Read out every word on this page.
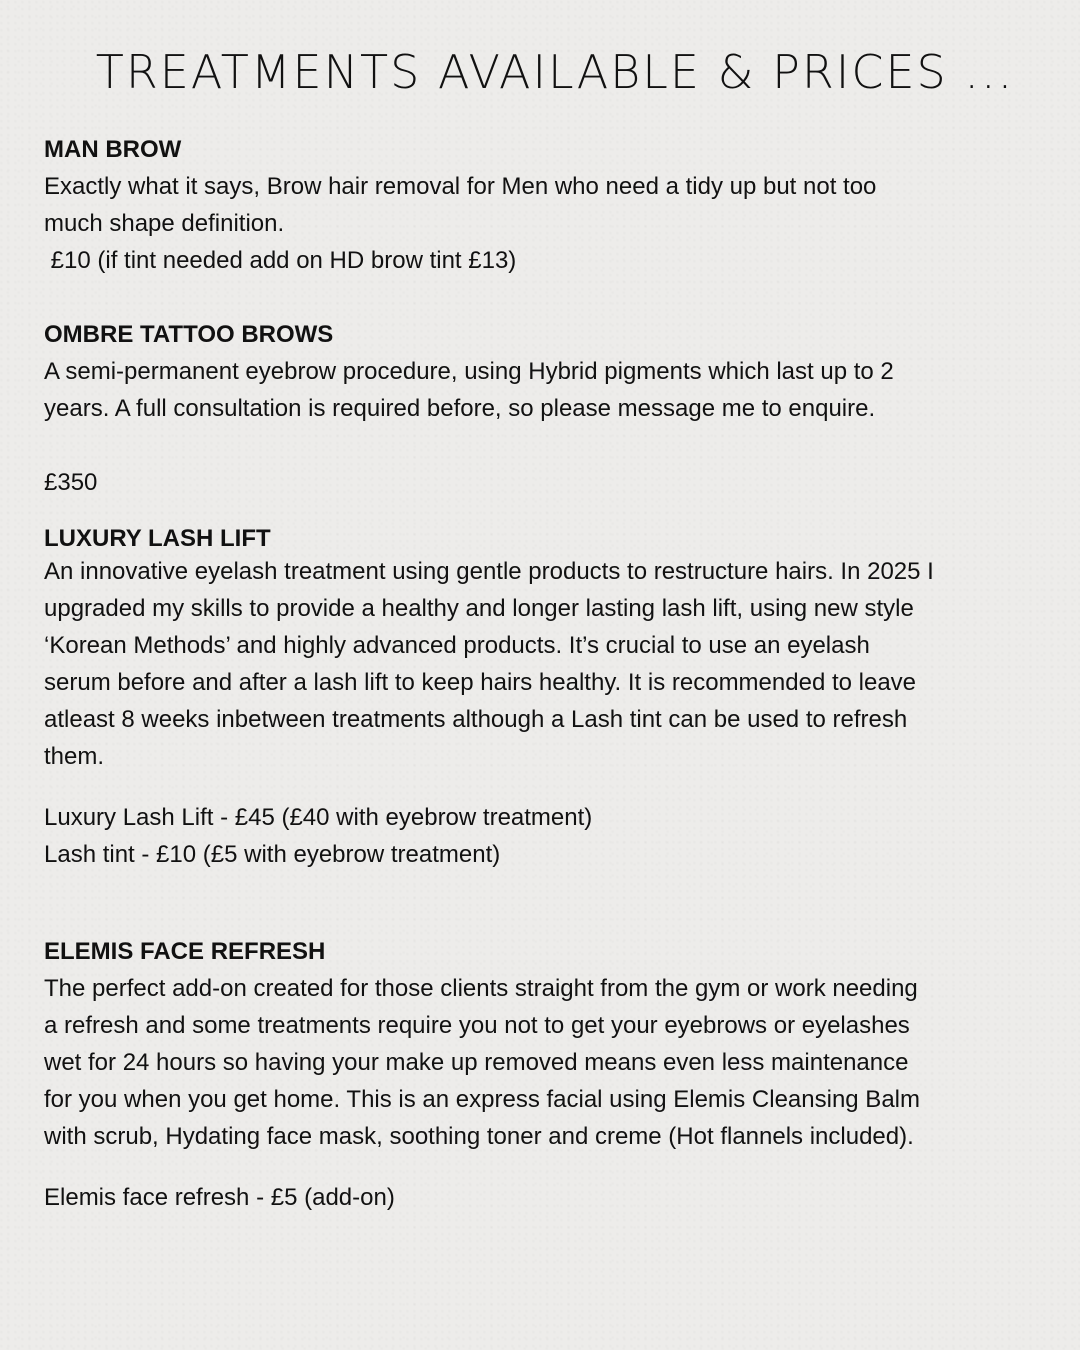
TREATMENTS AVAILABLE & PRICES ...

MAN BROW

Exactly what it says, Brow hair removal for Men who need a tidy up but not too

much shape definition.

£10 (if tint needed add on HD brow tint £13)

OMBRE TATTOO BROWS

A semi-permanent eyebrow procedure, using Hybrid pigments which last up to 2

years. A full consultation is required before, so please message me to enquire.

£350

LUXURY LASH LIFT

An innovative eyelash treatment using gentle products to restructure hairs. In 2025 I

upgraded my skills to provide a healthy and longer lasting lash lift, using new style

‘Korean Methods’ and highly advanced products. It’s crucial to use an eyelash

serum before and after a lash lift to keep hairs healthy. It is recommended to leave

atleast 8 weeks inbetween treatments although a Lash tint can be used to refresh

them.

Luxury Lash Lift - £45 (£40 with eyebrow treatment)

Lash tint - £10 (£5 with eyebrow treatment)

ELEMIS FACE REFRESH

The perfect add-on created for those clients straight from the gym or work needing

a refresh and some treatments require you not to get your eyebrows or eyelashes

wet for 24 hours so having your make up removed means even less maintenance

for you when you get home. This is an express facial using Elemis Cleansing Balm

with scrub, Hydating face mask, soothing toner and creme (Hot flannels included).

Elemis face refresh - £5 (add-on)
